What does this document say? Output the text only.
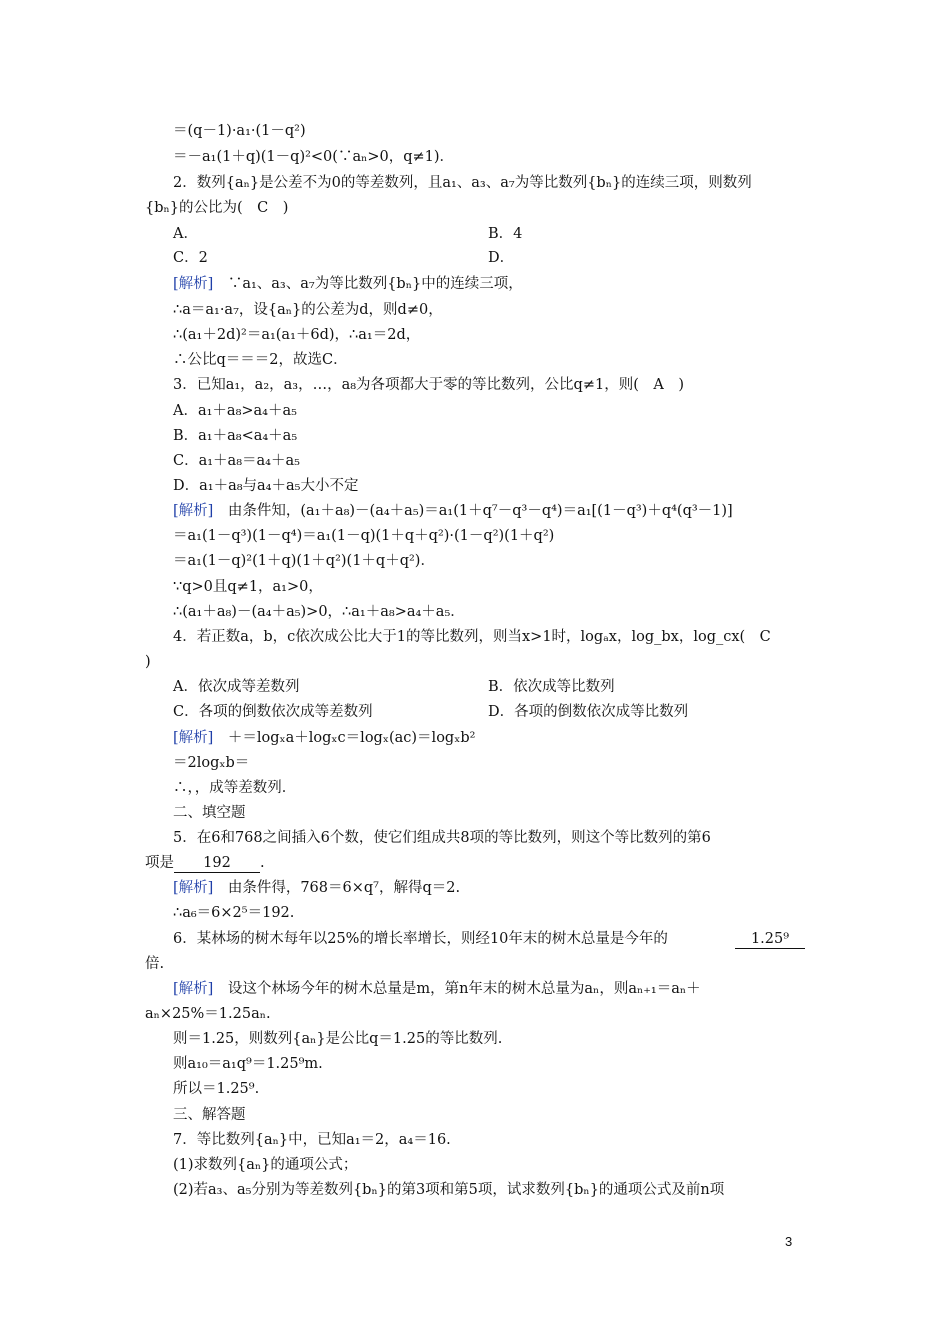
＝(q－1)·a₁·(1－q²)
＝－a₁(1＋q)(1－q)²<0(∵aₙ>0，q≠1)．
2．数列{aₙ}是公差不为0的等差数列，且a₁、a₃、a₇为等比数列{bₙ}的连续三项，则数列
{bₙ}的公比为(　C　)
A．
C．2
[解析]　∵a₁、a₃、a₇为等比数列{bₙ}中的连续三项，
∴a＝a₁·a₇，设{aₙ}的公差为d，则d≠0，
∴(a₁＋2d)²＝a₁(a₁＋6d)，∴a₁＝2d，
∴公比q＝＝＝2，故选C．
3．已知a₁，a₂，a₃，…，a₈为各项都大于零的等比数列，公比q≠1，则(　A　)
A．a₁＋a₈>a₄＋a₅
B．a₁＋a₈<a₄＋a₅
C．a₁＋a₈＝a₄＋a₅
D．a₁＋a₈与a₄＋a₅大小不定
[解析]　由条件知，(a₁＋a₈)－(a₄＋a₅)＝a₁(1＋q⁷－q³－q⁴)＝a₁[(1－q³)＋q⁴(q³－1)]
＝a₁(1－q³)(1－q⁴)＝a₁(1－q)(1＋q＋q²)·(1－q²)(1＋q²)
＝a₁(1－q)²(1＋q)(1＋q²)(1＋q＋q²)．
∵q>0且q≠1，a₁>0，
∴(a₁＋a₈)－(a₄＋a₅)>0，∴a₁＋a₈>a₄＋a₅．
4．若正数a，b，c依次成公比大于1的等比数列，则当x>1时，logₐx，log_bx，log_cx(　C
)
A．依次成等差数列
C．各项的倒数依次成等差数列
[解析]　＋＝logₓa＋logₓc＝logₓ(ac)＝logₓb²
＝2logₓb＝
∴，，成等差数列．
二、填空题
5．在6和768之间插入6个数，使它们组成共8项的等比数列，则这个等比数列的第6
[解析]　由条件得，768＝6×q⁷，解得q＝2.
∴a₆＝6×2⁵＝192.
6．某林场的树木每年以25%的增长率增长，则经10年末的树木总量是今年的
倍.
[解析]　设这个林场今年的树木总量是m，第n年末的树木总量为aₙ，则aₙ₊₁＝aₙ＋
aₙ×25%＝1.25aₙ.
则＝1.25，则数列{aₙ}是公比q＝1.25的等比数列.
则a₁₀＝a₁q⁹＝1.25⁹m.
所以＝1.25⁹.
三、解答题
7．等比数列{aₙ}中，已知a₁＝2，a₄＝16.
(1)求数列{aₙ}的通项公式；
(2)若a₃、a₅分别为等差数列{bₙ}的第3项和第5项，试求数列{bₙ}的通项公式及前n项
B．4
D．
B．依次成等比数列
D．各项的倒数依次成等比数列
项是 192 .
1.25⁹
3
